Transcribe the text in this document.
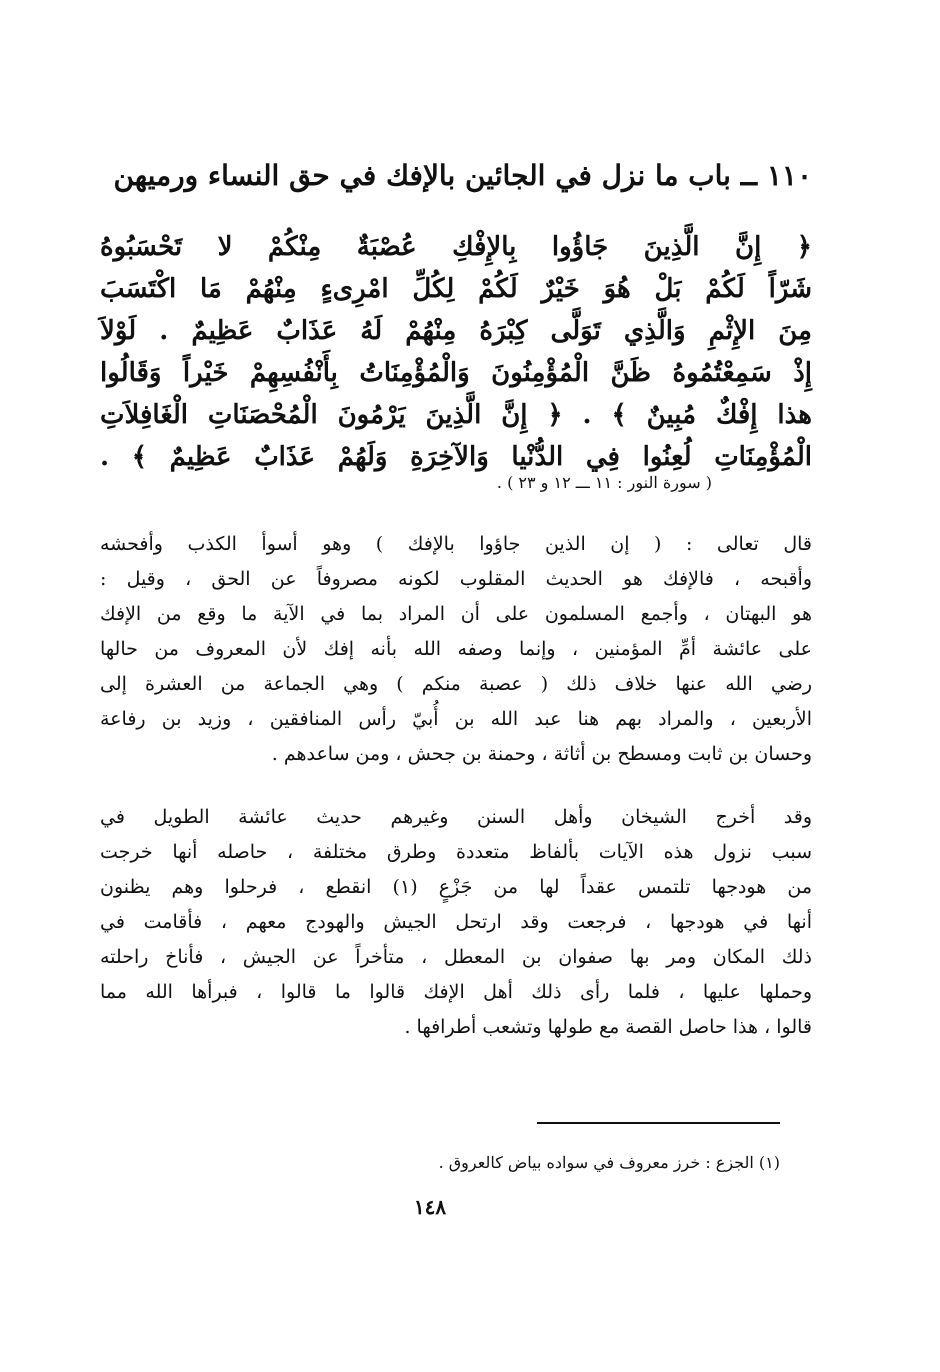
١١٠ ــ باب ما نزل في الجائين بالإفك في حق النساء ورميهن
﴿ إِنَّ الَّذِينَ جَاؤُوا بِالإِفْكِ عُصْبَةٌ مِنْكُمْ لا تَحْسَبُوهُ
شَرّاً لَكُمْ بَلْ هُوَ خَيْرٌ لَكُمْ لِكُلِّ امْرِىءٍ مِنْهُمْ مَا اكْتَسَبَ
مِنَ الإِثْمِ وَالَّذِي تَوَلَّى كِبْرَهُ مِنْهُمْ لَهُ عَذَابٌ عَظِيمٌ . لَوْلاَ
إِذْ سَمِعْتُمُوهُ ظَنَّ الْمُؤْمِنُونَ وَالْمُؤْمِنَاتُ بِأَنْفُسِهِمْ خَيْراً وَقَالُوا
هذا إِفْكٌ مُبِينٌ ﴾ . ﴿ إِنَّ الَّذِينَ يَرْمُونَ الْمُحْصَنَاتِ الْغَافِلاَتِ
الْمُؤْمِنَاتِ لُعِنُوا فِي الدُّنْيا وَالآخِرَةِ وَلَهُمْ عَذَابٌ عَظِيمٌ ﴾ .
( سورة النور : ١١ ـــ ١٢ و ٢٣ ) .
قال تعالى : ( إن الذين جاؤوا بالإفك ) وهو أسوأ الكذب وأفحشه
وأقبحه ، فالإفك هو الحديث المقلوب لكونه مصروفاً عن الحق ، وقيل :
هو البهتان ، وأجمع المسلمون على أن المراد بما في الآية ما وقع من الإفك
على عائشة أمِّ المؤمنين ، وإنما وصفه الله بأنه إفك لأن المعروف من حالها
رضي الله عنها خلاف ذلك ( عصبة منكم ) وهي الجماعة من العشرة إلى
الأربعين ، والمراد بهم هنا عبد الله بن أُبيّ رأس المنافقين ، وزيد بن رفاعة
وحسان بن ثابت ومسطح بن أثاثة ، وحمنة بن جحش ، ومن ساعدهم .
وقد أخرج الشيخان وأهل السنن وغيرهم حديث عائشة الطويل في
سبب نزول هذه الآيات بألفاظ متعددة وطرق مختلفة ، حاصله أنها خرجت
من هودجها تلتمس عقداً لها من جَزْعٍ (١) انقطع ، فرحلوا وهم يظنون
أنها في هودجها ، فرجعت وقد ارتحل الجيش والهودج معهم ، فأقامت في
ذلك المكان ومر بها صفوان بن المعطل ، متأخراً عن الجيش ، فأناخ راحلته
وحملها عليها ، فلما رأى ذلك أهل الإفك قالوا ما قالوا ، فبرأها الله مما
قالوا ، هذا حاصل القصة مع طولها وتشعب أطرافها .
(١) الجزع : خرز معروف في سواده بياض كالعروق .
١٤٨
